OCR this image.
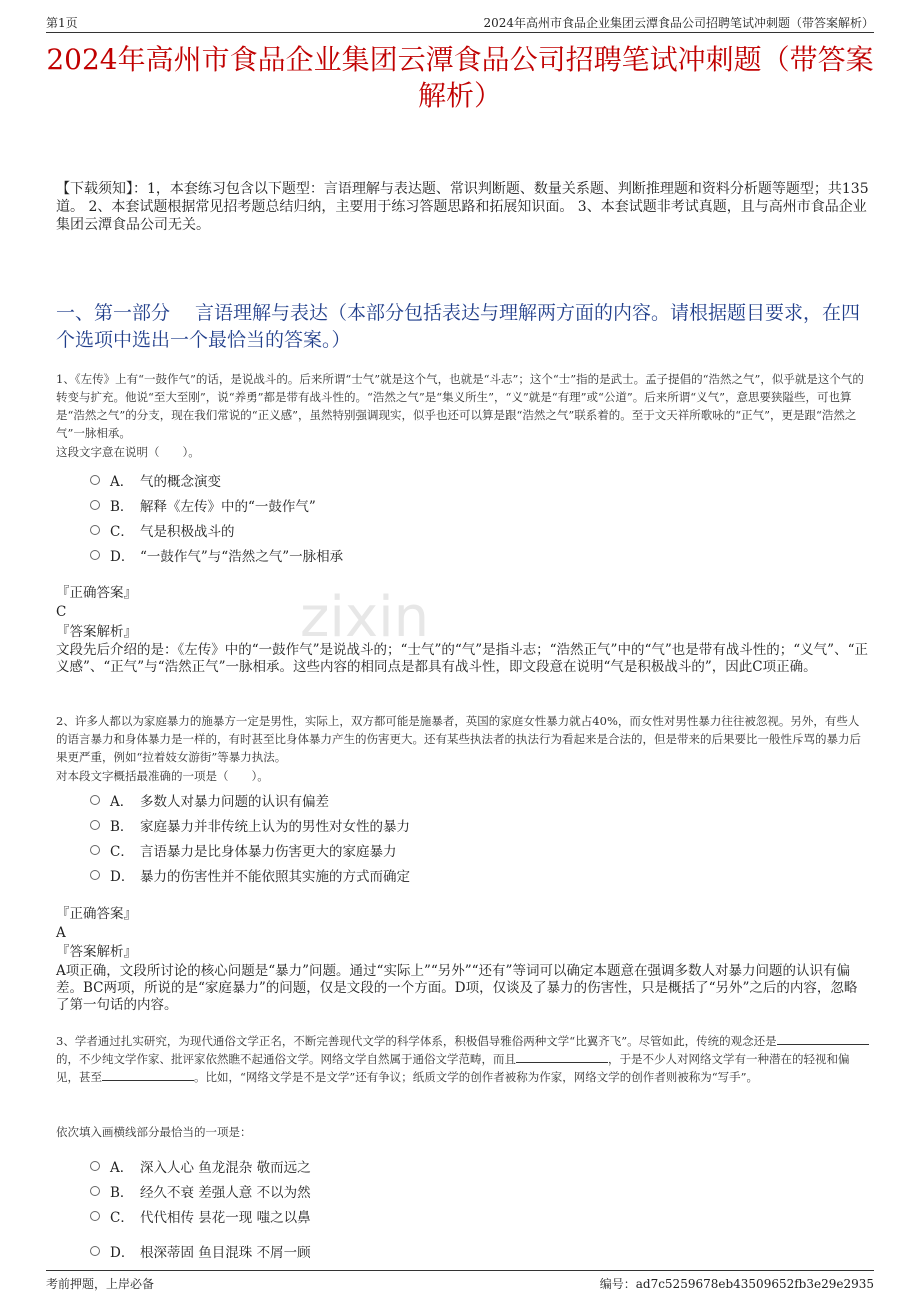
第1页	2024年高州市食品企业集团云潭食品公司招聘笔试冲刺题（带答案解析）
2024年高州市食品企业集团云潭食品公司招聘笔试冲刺题（带答案解析）
【下载须知】：1，本套练习包含以下题型：言语理解与表达题、常识判断题、数量关系题、判断推理题和资料分析题等题型；共135道。 2、本套试题根据常见招考题总结归纳，主要用于练习答题思路和拓展知识面。 3、本套试题非考试真题，且与高州市食品企业集团云潭食品公司无关。
一、第一部分　 言语理解与表达（本部分包括表达与理解两方面的内容。请根据题目要求，在四个选项中选出一个最恰当的答案。）
zixin
1、《左传》上有“一鼓作气”的话，是说战斗的。后来所谓“士气”就是这个气，也就是“斗志”；这个“士”指的是武士。孟子提倡的“浩然之气”，似乎就是这个气的转变与扩充。他说“至大至刚”，说“养勇”都是带有战斗性的。“浩然之气”是“集义所生”，“义”就是“有理”或“公道”。后来所谓“义气”，意思要狭隘些，可也算是“浩然之气”的分支，现在我们常说的“正义感”，虽然特别强调现实，似乎也还可以算是跟“浩然之气”联系着的。至于文天祥所歌咏的“正气”，更是跟“浩然之气”一脉相承。
这段文字意在说明（　　）。
A． 气的概念演变
B． 解释《左传》中的“一鼓作气”
C． 气是积极战斗的
D． “一鼓作气”与“浩然之气”一脉相承
『正确答案』
C
『答案解析』
文段先后介绍的是：《左传》中的“一鼓作气”是说战斗的；“士气”的“气”是指斗志；“浩然正气”中的“气”也是带有战斗性的；“义气”、“正义感”、“正气”与“浩然正气”一脉相承。这些内容的相同点是都具有战斗性，即文段意在说明“气是积极战斗的”，因此C项正确。
2、许多人都以为家庭暴力的施暴方一定是男性，实际上，双方都可能是施暴者，英国的家庭女性暴力就占40%，而女性对男性暴力往往被忽视。另外，有些人的语言暴力和身体暴力是一样的，有时甚至比身体暴力产生的伤害更大。还有某些执法者的执法行为看起来是合法的，但是带来的后果要比一般性斥骂的暴力后果更严重，例如“拉着妓女游街”等暴力执法。
对本段文字概括最准确的一项是（　　）。
A． 多数人对暴力问题的认识有偏差
B． 家庭暴力并非传统上认为的男性对女性的暴力
C． 言语暴力是比身体暴力伤害更大的家庭暴力
D． 暴力的伤害性并不能依照其实施的方式而确定
『正确答案』
A
『答案解析』
A项正确，文段所讨论的核心问题是“暴力”问题。通过“实际上”“另外”“还有”等词可以确定本题意在强调多数人对暴力问题的认识有偏差。BC两项，所说的是“家庭暴力”的问题，仅是文段的一个方面。D项，仅谈及了暴力的伤害性，只是概括了“另外”之后的内容，忽略了第一句话的内容。
3、学者通过扎实研究，为现代通俗文学正名，不断完善现代文学的科学体系，积极倡导雅俗两种文学“比翼齐飞”。尽管如此，传统的观念还是的，不少纯文学作家、批评家依然瞧不起通俗文学。网络文学自然属于通俗文学范畴，而且	，于是不少人对网络文学有一种潜在的轻视和偏见，甚至	。比如，“网络文学是不是文学”还有争议；纸质文学的创作者被称为作家，网络文学的创作者则被称为“写手”。
依次填入画横线部分最恰当的一项是：
A． 深入人心 鱼龙混杂 敬而远之
B． 经久不衰 差强人意 不以为然
C． 代代相传 昙花一现 嗤之以鼻
D． 根深蒂固 鱼目混珠 不屑一顾
考前押题，上岸必备	编号：ad7c5259678eb43509652fb3e29e2935
